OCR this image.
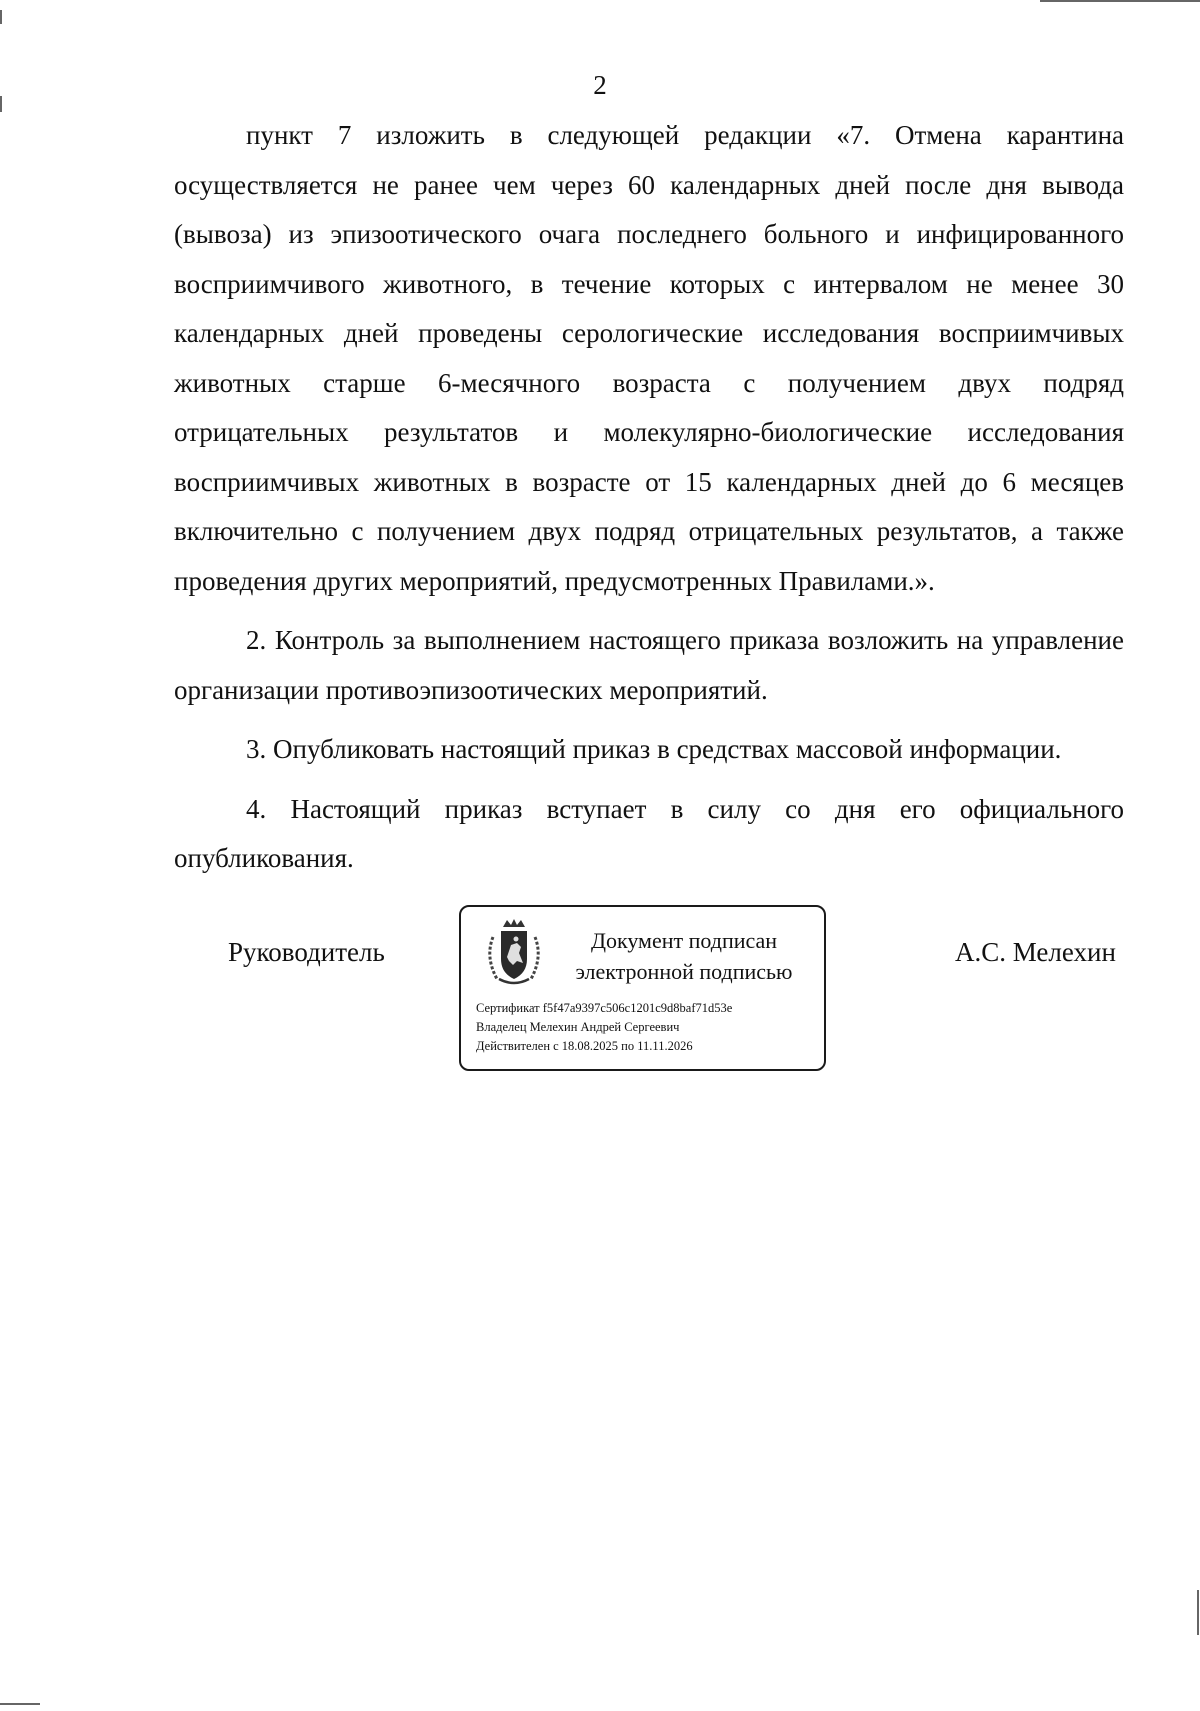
2

пункт 7 изложить в следующей редакции «7. Отмена карантина осуществляется не ранее чем через 60 календарных дней после дня вывода (вывоза) из эпизоотического очага последнего больного и инфицированного восприимчивого животного, в течение которых с интервалом не менее 30 календарных дней проведены серологические исследования восприимчивых животных старше 6-месячного возраста с получением двух подряд отрицательных результатов и молекулярно-биологические исследования восприимчивых животных в возрасте от 15 календарных дней до 6 месяцев включительно с получением двух подряд отрицательных результатов, а также проведения других мероприятий, предусмотренных Правилами.».

2. Контроль за выполнением настоящего приказа возложить на управление организации противоэпизоотических мероприятий.

3. Опубликовать настоящий приказ в средствах массовой информации.

4. Настоящий приказ вступает в силу со дня его официального опубликования.

Руководитель	Документ подписан
электронной подписью
Сертификат f5f47a9397c506c1201c9d8baf71d53e
Владелец Мелехин Андрей Сергеевич
Действителен с 18.08.2025 по 11.11.2026
А.С. Мелехин
